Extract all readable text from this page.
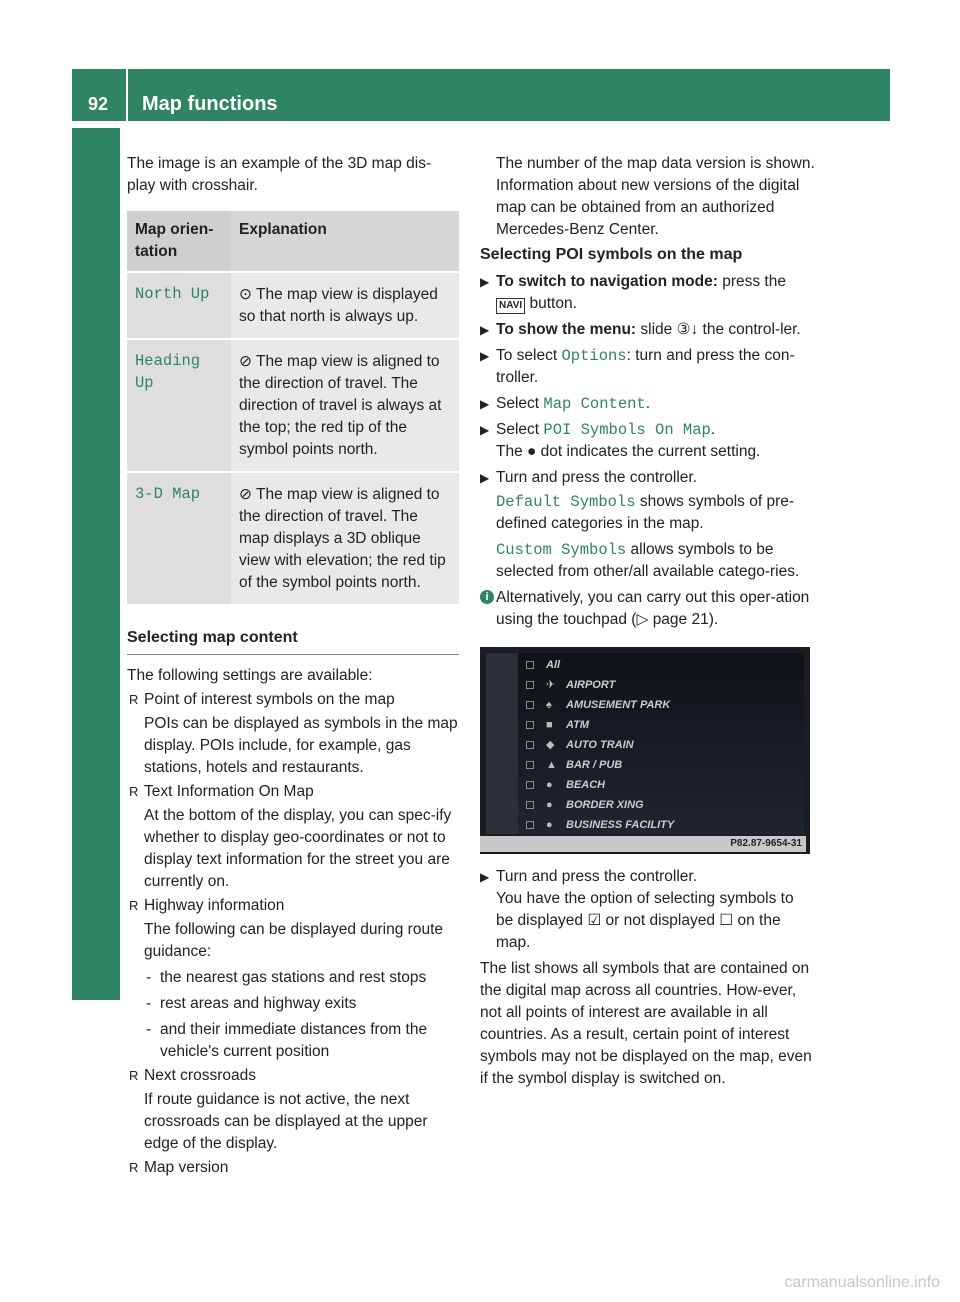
92	Map functions
Navigation

The image is an example of the 3D map dis-play with crosshair.

Map orien-tation	Explanation
North Up	⊙ The map view is displayed so that north is always up.
Heading Up	⊘ The map view is aligned to the direction of travel. The direction of travel is always at the top; the red tip of the symbol points north.
3-D Map	⊘ The map view is aligned to the direction of travel. The map displays a 3D oblique view with elevation; the red tip of the symbol points north.
Selecting map content

The following settings are available:

R Point of interest symbols on the map
POIs can be displayed as symbols in the map display. POIs include, for example, gas stations, hotels and restaurants.
R Text Information On Map
At the bottom of the display, you can spec-ify whether to display geo-coordinates or not to display text information for the street you are currently on.
R Highway information
The following can be displayed during route guidance:
- the nearest gas stations and rest stops
- rest areas and highway exits
- and their immediate distances from the vehicle's current position
R Next crossroads
If route guidance is not active, the next crossroads can be displayed at the upper edge of the display.
R Map version

The number of the map data version is shown. Information about new versions of the digital map can be obtained from an authorized Mercedes-Benz Center.

Selecting POI symbols on the map
▶ To switch to navigation mode: press the
NAVI button.
▶ To show the menu: slide ③↓ the control-ler.
▶ To select Options: turn and press the con-troller.
▶ Select Map Content.
▶ Select POI Symbols On Map.
The ● dot indicates the current setting.
▶ Turn and press the controller.
Default Symbols shows symbols of pre-defined categories in the map.
Custom Symbols allows symbols to be selected from other/all available catego-ries.
i Alternatively, you can carry out this oper-ation using the touchpad (▷ page 21).
All
✈ AIRPORT
♠ AMUSEMENT PARK
■ ATM
◆ AUTO TRAIN
▲ BAR / PUB
● BEACH
● BORDER XING
● BUSINESS FACILITY
P82.87-9654-31
▶ Turn and press the controller.
You have the option of selecting symbols to be displayed ☑ or not displayed ☐ on the map.

The list shows all symbols that are contained on the digital map across all countries. How-ever, not all points of interest are available in all countries. As a result, certain point of interest symbols may not be displayed on the map, even if the symbol display is switched on.

carmanualsonline.info
